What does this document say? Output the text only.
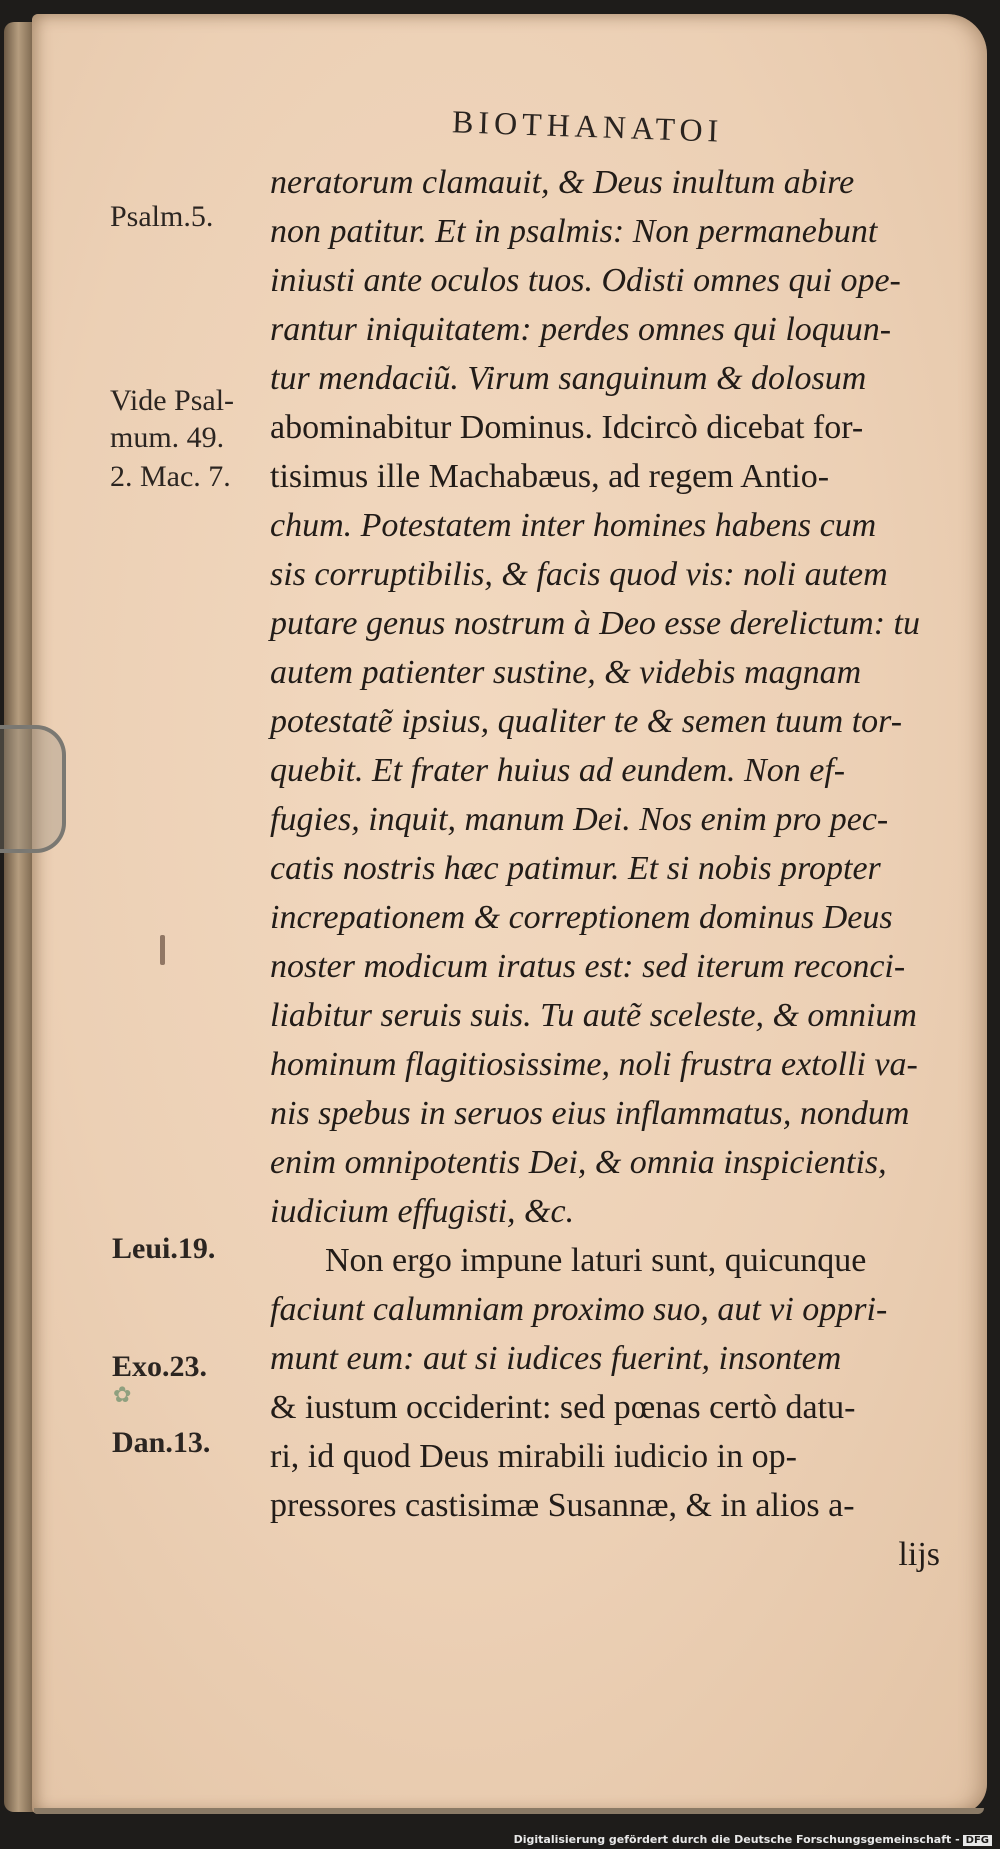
BIOTHANATOI
Psalm.5.
Vide Psal-
mum. 49.
2. Mac. 7.
Leui.19.
Exo.23.
Dan.13.
✿
neratorum clamauit, & Deus inultum abire
non patitur. Et in psalmis: Non permanebunt
iniusti ante oculos tuos. Odisti omnes qui ope-
rantur iniquitatem: perdes omnes qui loquun-
tur mendaciũ. Virum sanguinum & dolosum
abominabitur Dominus. Idcircò dicebat for-
tisimus ille Machabæus, ad regem Antio-
chum. Potestatem inter homines habens cum
sis corruptibilis, & facis quod vis: noli autem
putare genus nostrum à Deo esse derelictum: tu
autem patienter sustine, & videbis magnam
potestatẽ ipsius, qualiter te & semen tuum tor-
quebit. Et frater huius ad eundem. Non ef-
fugies, inquit, manum Dei. Nos enim pro pec-
catis nostris hæc patimur. Et si nobis propter
increpationem & correptionem dominus Deus
noster modicum iratus est: sed iterum reconci-
liabitur seruis suis. Tu autẽ scelestе, & omnium
hominum flagitiosissime, noli frustra extolli va-
nis spebus in seruos eius inflammatus, nondum
enim omnipotentis Dei, & omnia inspicientis,
iudicium effugisti, &c.
Non ergo impune laturi sunt, quicunque
faciunt calumniam proximo suo, aut vi oppri-
munt eum: aut si iudices fuerint, insontem
& iustum occiderint: sed pœnas certò datu-
ri, id quod Deus mirabili iudicio in op-
pressores castisimæ Susannæ, & in alios a-
lijs
Digitalisierung gefördert durch die Deutsche Forschungsgemeinschaft - DFG
